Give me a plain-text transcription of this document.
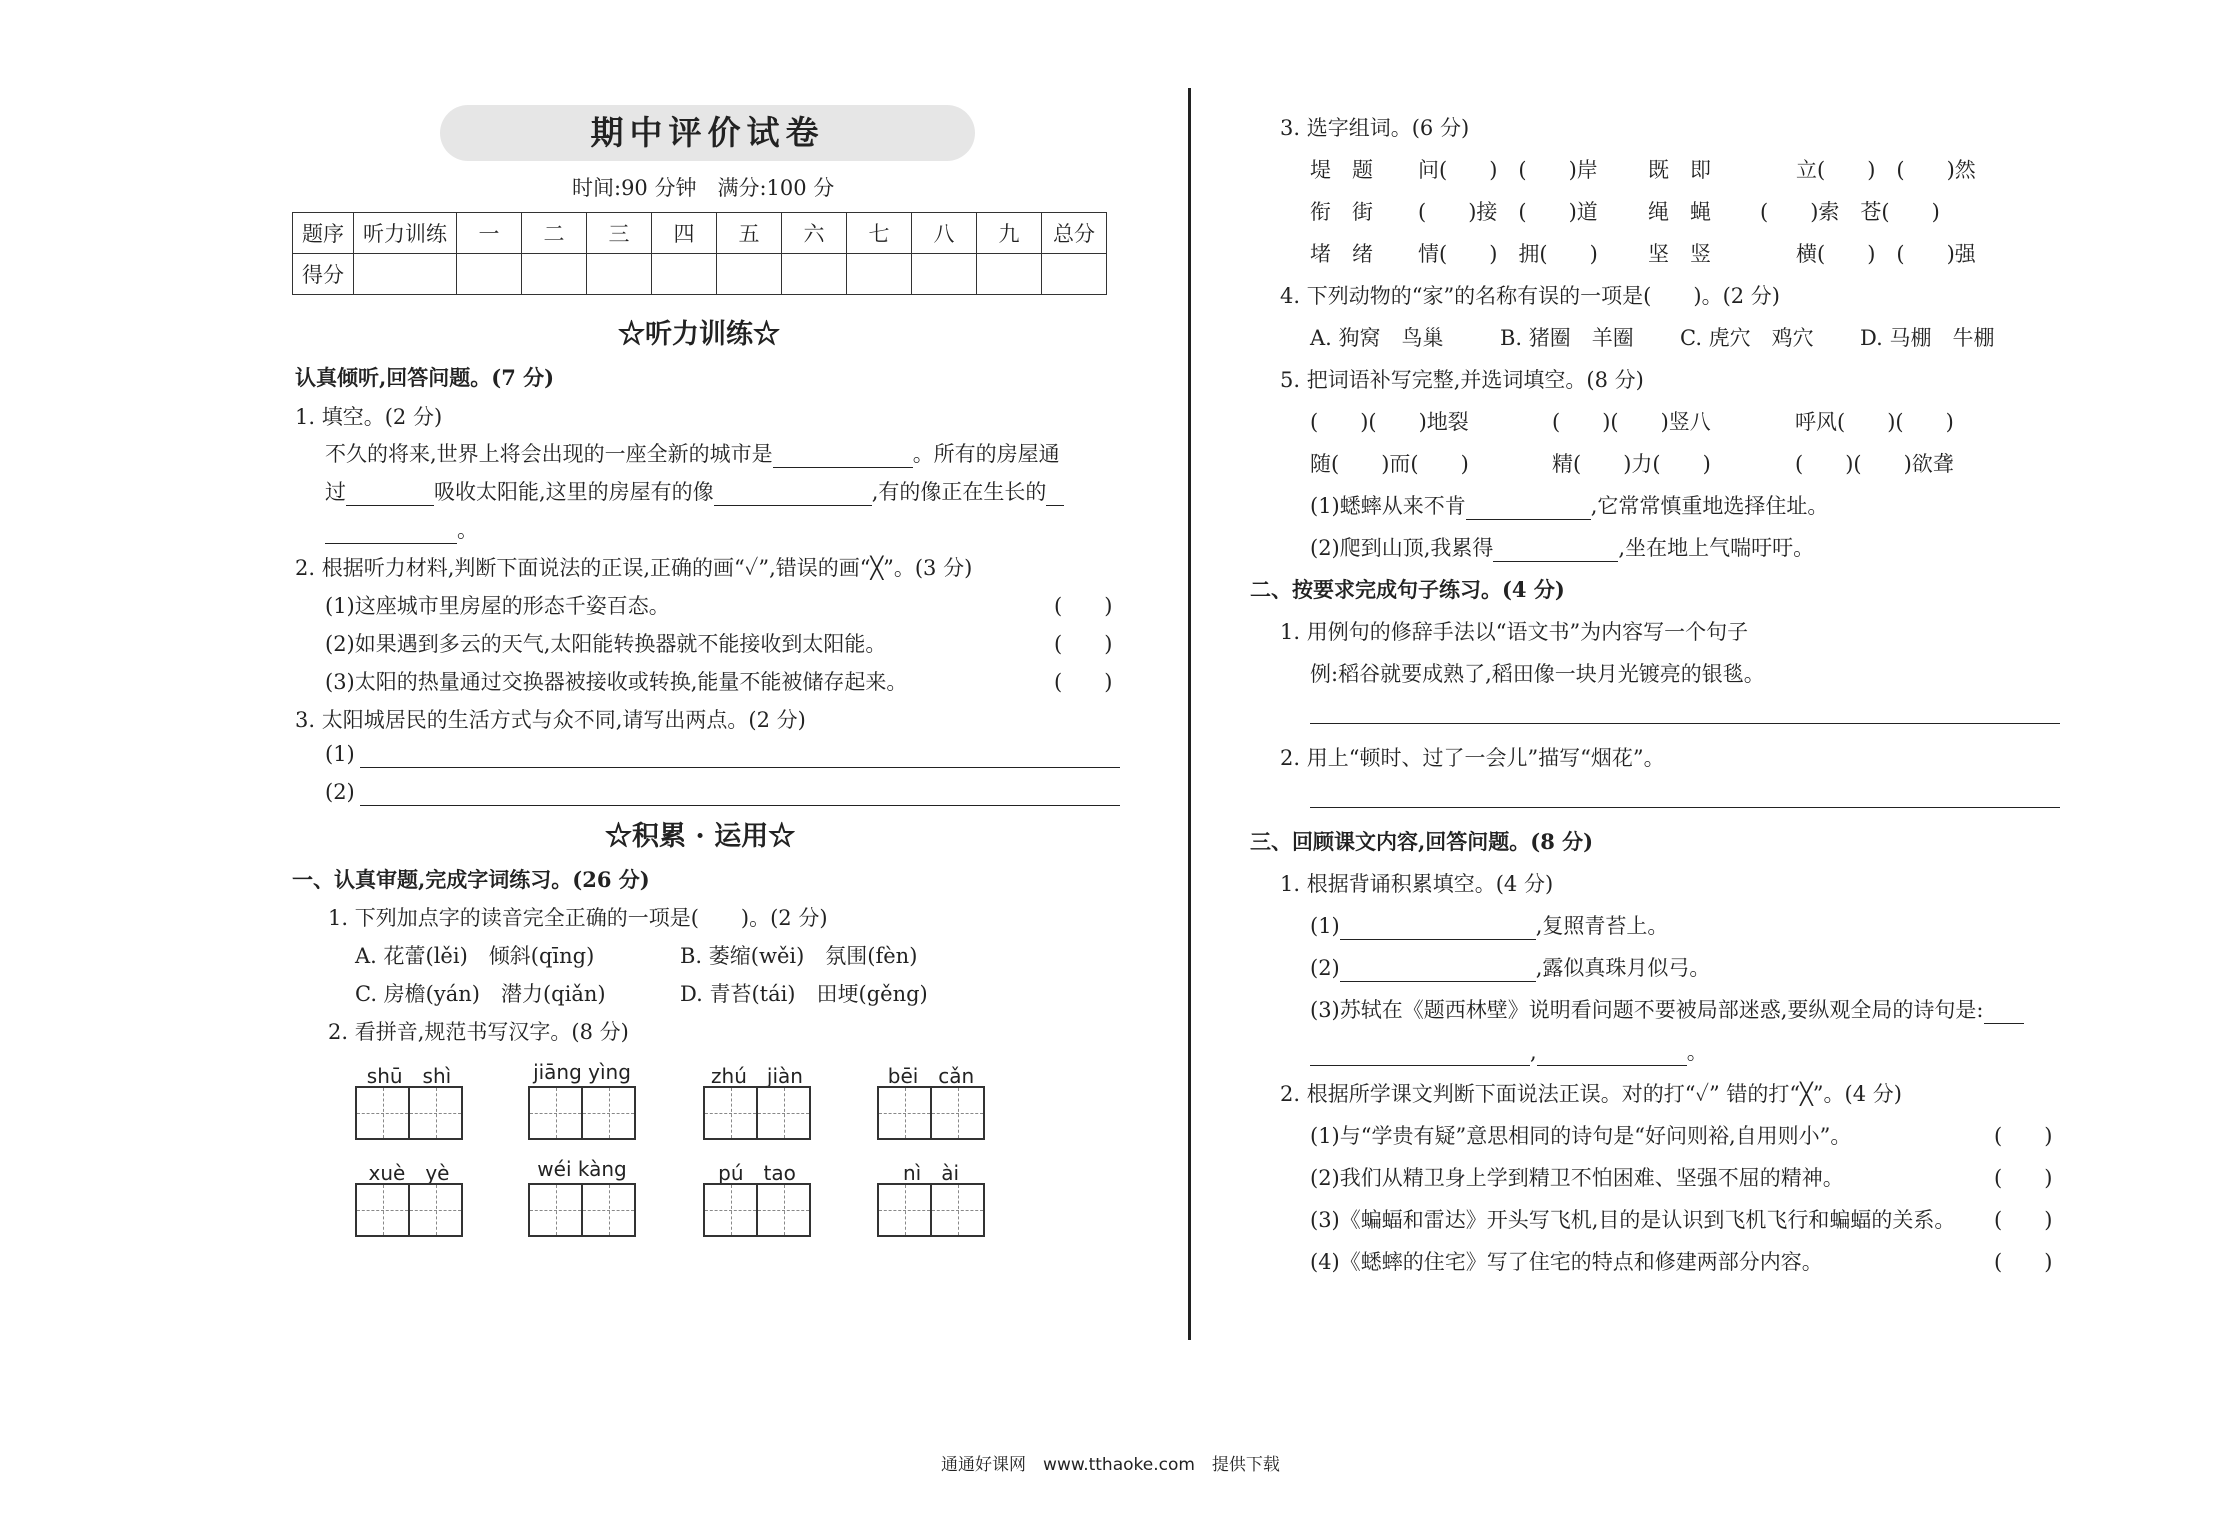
期中评价试卷
时间:90 分钟　满分:100 分
题序	听力训练	一	二	三	四	五	六	七	八	九	总分
得分											
☆听力训练☆
认真倾听,回答问题。(7 分)
1. 填空。(2 分)
不久的将来,世界上将会出现的一座全新的城市是	。所有的房屋通
过	吸收太阳能,这里的房屋有的像	,有的像正在生长的
。
2. 根据听力材料,判断下面说法的正误,正确的画“✓”,错误的画“╳”。(3 分)
(1)这座城市里房屋的形态千姿百态。	(　　)
(2)如果遇到多云的天气,太阳能转换器就不能接收到太阳能。	(　　)
(3)太阳的热量通过交换器被接收或转换,能量不能被储存起来。	(　　)
3. 太阳城居民的生活方式与众不同,请写出两点。(2 分)
(1)
(2)
☆积累 · 运用☆
一、认真审题,完成字词练习。(26 分)
1. 下列加点字的读音完全正确的一项是(　　)。(2 分)
A. 花蕾(lěi)　倾斜(qīng)	B. 萎缩(wěi)　氛围(fèn)
C. 房檐(yán)　潜力(qiǎn)	D. 青苔(tái)　田埂(gěng)
2. 看拼音,规范书写汉字。(8 分)
shū　shì	jiāng yìng	zhú　jiàn	bēi　cǎn
xuè　yè	wéi kàng	pú　tao	nì　ài
3. 选字组词。(6 分)
堤　题 问(　　)　(　　)岸 既　即	立(　　)　(　　)然
衔　街 (　　)接　(　　)道 绳　蝇 (　　)索　苍(　　)
堵　绪 情(　　)　拥(　　) 坚　竖	横(　　)　(　　)强
4. 下列动物的“家”的名称有误的一项是(　　)。(2 分)
A. 狗窝　鸟巢	B. 猪圈　羊圈 C. 虎穴　鸡穴 D. 马棚　牛棚
5. 把词语补写完整,并选词填空。(8 分)
(　　)(　　)地裂	(　　)(　　)竖八	呼风(　　)(　　)
随(　　)而(　　)	精(　　)力(　　)	(　　)(　　)欲聋
(1)蟋蟀从来不肯	,它常常慎重地选择住址。
(2)爬到山顶,我累得	,坐在地上气喘吁吁。
二、按要求完成句子练习。(4 分)
1. 用例句的修辞手法以“语文书”为内容写一个句子
例:稻谷就要成熟了,稻田像一块月光镀亮的银毯。
2. 用上“顿时、过了一会儿”描写“烟花”。
三、回顾课文内容,回答问题。(8 分)
1. 根据背诵积累填空。(4 分)
(1)	,复照青苔上。
(2)	,露似真珠月似弓。
(3)苏轼在《题西林壁》说明看问题不要被局部迷惑,要纵观全局的诗句是:
,	。
2. 根据所学课文判断下面说法正误。对的打“✓” 错的打“╳”。(4 分)
(1)与“学贵有疑”意思相同的诗句是“好问则裕,自用则小”。	(　　)
(2)我们从精卫身上学到精卫不怕困难、坚强不屈的精神。	(　　)
(3)《蝙蝠和雷达》开头写飞机,目的是认识到飞机飞行和蝙蝠的关系。 (　　)
(4)《蟋蟀的住宅》写了住宅的特点和修建两部分内容。	(　　)
通通好课网　www.tthaoke.com　提供下载
